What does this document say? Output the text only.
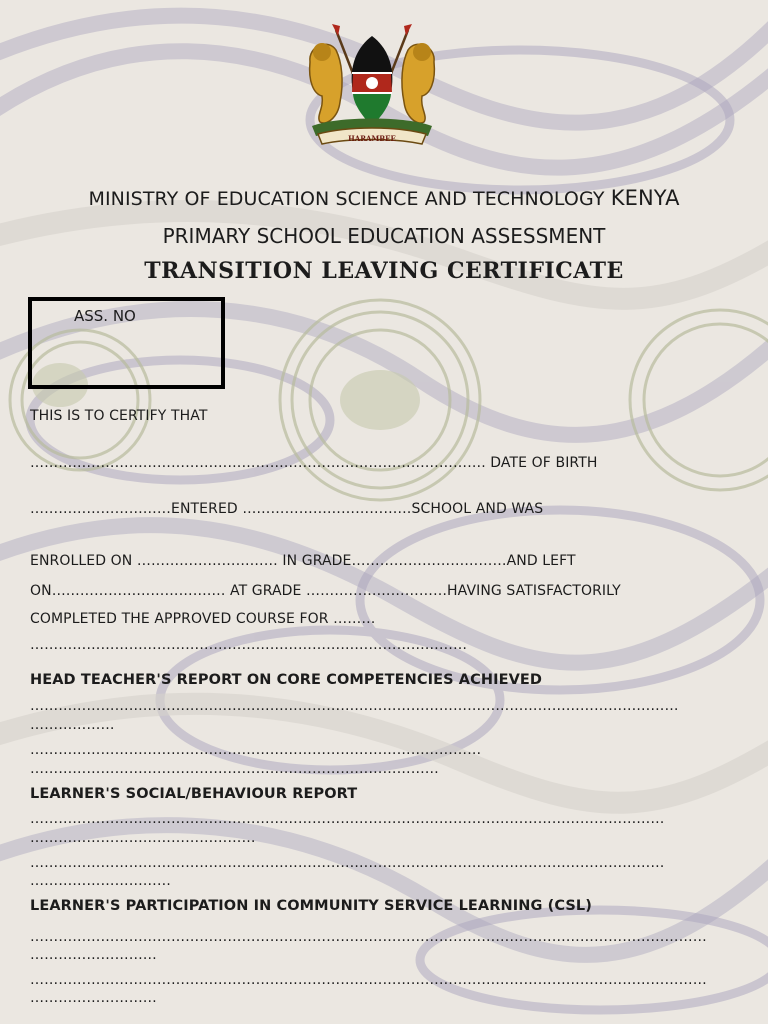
HARAMBEE
MINISTRY OF EDUCATION SCIENCE AND TECHNOLOGY KENYA
PRIMARY SCHOOL EDUCATION ASSESSMENT
TRANSITION LEAVING CERTIFICATE
ASS. NO
THIS IS TO CERTIFY THAT
……………………………………………………………………………………. DATE OF BIRTH
…………………………ENTERED ………………………………SCHOOL AND WAS
ENROLLED ON ………………………… IN GRADE……………………………AND LEFT
ON………………………………. AT GRADE …………………………HAVING SATISFACTORILY
COMPLETED THE APPROVED COURSE FOR ………
…………………………………………………………………………………
HEAD TEACHER'S REPORT ON CORE COMPETENCIES ACHIEVED
…………………………………………………………………………………………………………………………
………………
……………………………………………………………………………………
……………………………………………………………………………
LEARNER'S SOCIAL/BEHAVIOUR REPORT
………………………………………………………………………………………………………………………
…………………………………………
………………………………………………………………………………………………………………………
…………………………
LEARNER'S PARTICIPATION IN COMMUNITY SERVICE LEARNING (CSL)
………………………………………………………………………………………………………………………………
………………………
………………………………………………………………………………………………………………………………
………………………
